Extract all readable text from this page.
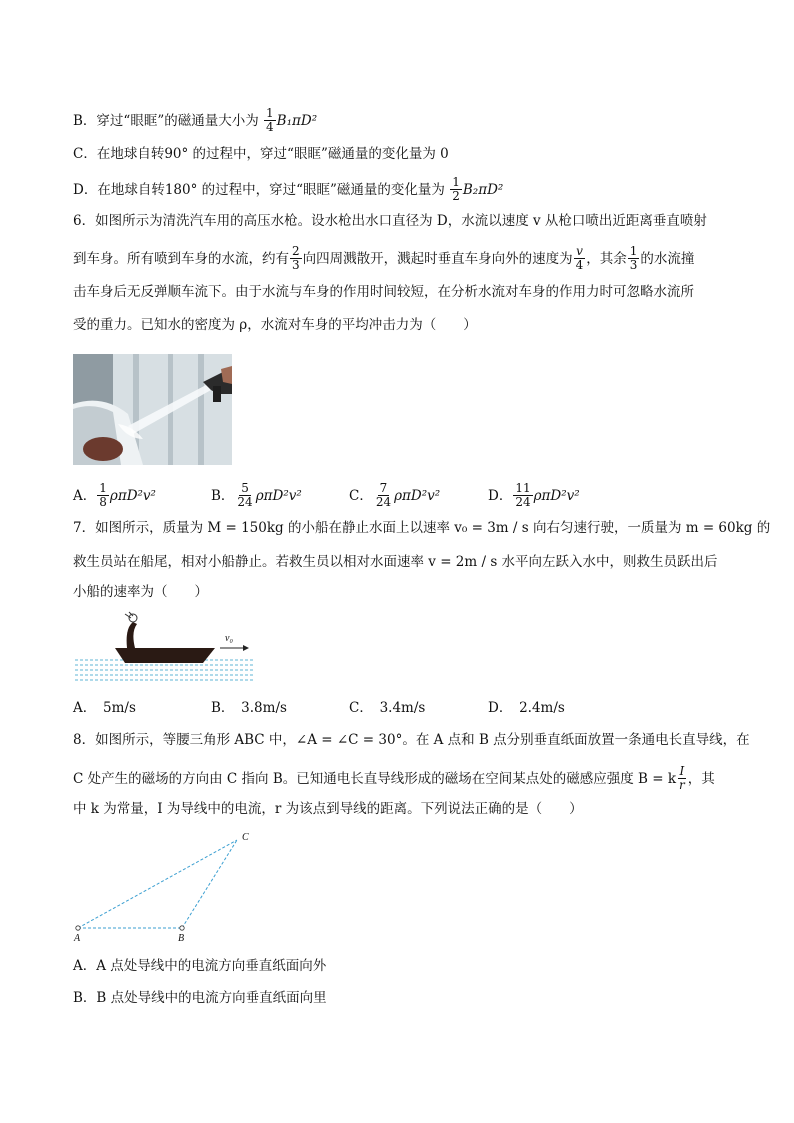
B．穿过“眼眶”的磁通量大小为 $\frac{1}{4} B_1\pi D^2$
C．在地球自转90° 的过程中，穿过“眼眶”磁通量的变化量为 0
D．在地球自转180° 的过程中，穿过“眼眶”磁通量的变化量为 $\frac{1}{2} B_2\pi D^2$
6．如图所示为清洗汽车用的高压水枪。设水枪出水口直径为 D，水流以速度 v 从枪口喷出近距离垂直喷射
到车身。所有喷到车身的水流，约有 $\frac{2}{3}$ 向四周溅散开，溅起时垂直车身向外的速度为 $\frac{v}{4}$ ，其余 $\frac{1}{3}$ 的水流撞
击车身后无反弹顺车流下。由于水流与车身的作用时间较短，在分析水流对车身的作用力时可忽略水流所
受的重力。已知水的密度为 ρ，水流对车身的平均冲击力为（　　）
A． $\frac{1}{8} \rho\pi D^2v^2$	B． $\frac{5}{24} \rho\pi D^2v^2$	C． $\frac{7}{24} \rho\pi D^2v^2$	D． $\frac{11}{24} \rho\pi D^2v^2$
7．如图所示，质量为 M = 150kg 的小船在静止水面上以速率 v₀ = 3m / s 向右匀速行驶，一质量为 m = 60kg 的
救生员站在船尾，相对小船静止。若救生员以相对水面速率 v = 2m / s 水平向左跃入水中，则救生员跃出后
小船的速率为（　　）
v₀
A．　5m/s	B．　3.8m/s	C．　3.4m/s	D．　2.4m/s
8．如图所示，等腰三角形 ABC 中，∠A = ∠C = 30°。在 A 点和 B 点分别垂直纸面放置一条通电长直导线，在
C 处产生的磁场的方向由 C 指向 B。已知通电长直导线形成的磁场在空间某点处的磁感应强度 B = k $\frac{I}{r}$ ，其
中 k 为常量，I 为导线中的电流，r 为该点到导线的距离。下列说法正确的是（　　）
A	B
C
A．A 点处导线中的电流方向垂直纸面向外
B．B 点处导线中的电流方向垂直纸面向里
